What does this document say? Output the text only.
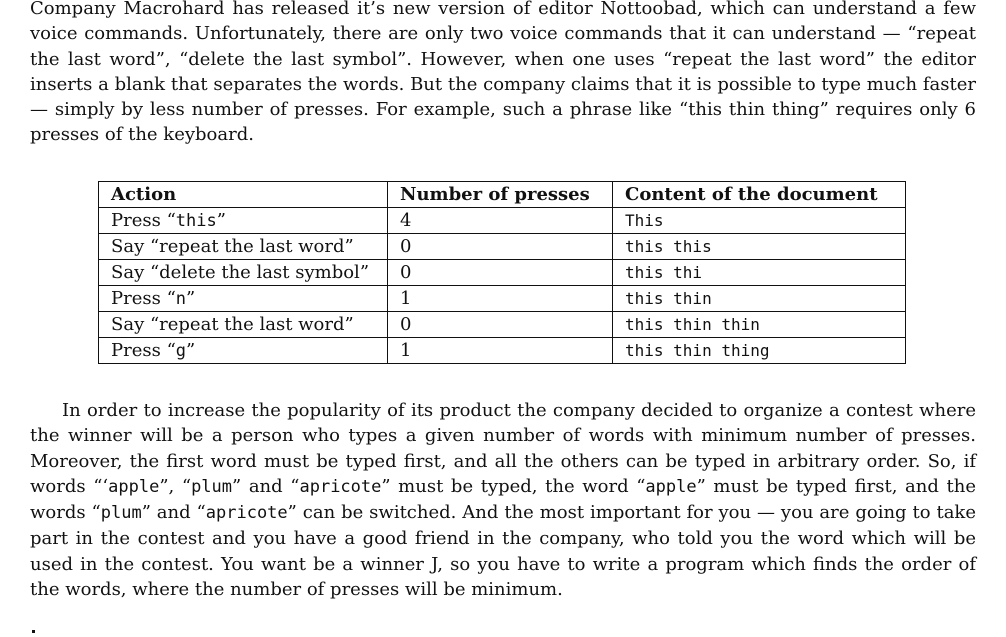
Company Macrohard has released it’s new version of editor Nottoobad, which can understand a few voice commands. Unfortunately, there are only two voice commands that it can understand — “repeat the last word”, “delete the last symbol”. However, when one uses “repeat the last word” the editor inserts a blank that separates the words. But the company claims that it is possible to type much faster — simply by less number of presses. For example, such a phrase like “this thin thing” requires only 6 presses of the keyboard.

Action	Number of presses	Content of the document
Press “this”	4	This
Say “repeat the last word”	0	this this
Say “delete the last symbol”	0	this thi
Press “n”	1	this thin
Say “repeat the last word”	0	this thin thin
Press “g”	1	this thin thing

In order to increase the popularity of its product the company decided to organize a contest where the winner will be a person who types a given number of words with minimum number of presses. Moreover, the first word must be typed first, and all the others can be typed in arbitrary order. So, if words “‘apple”, “plum” and “apricote” must be typed, the word “apple” must be typed first, and the words “plum” and “apricote” can be switched. And the most important for you — you are going to take part in the contest and you have a good friend in the company, who told you the word which will be used in the contest. You want be a winner J, so you have to write a program which finds the order of the words, where the number of presses will be minimum.
